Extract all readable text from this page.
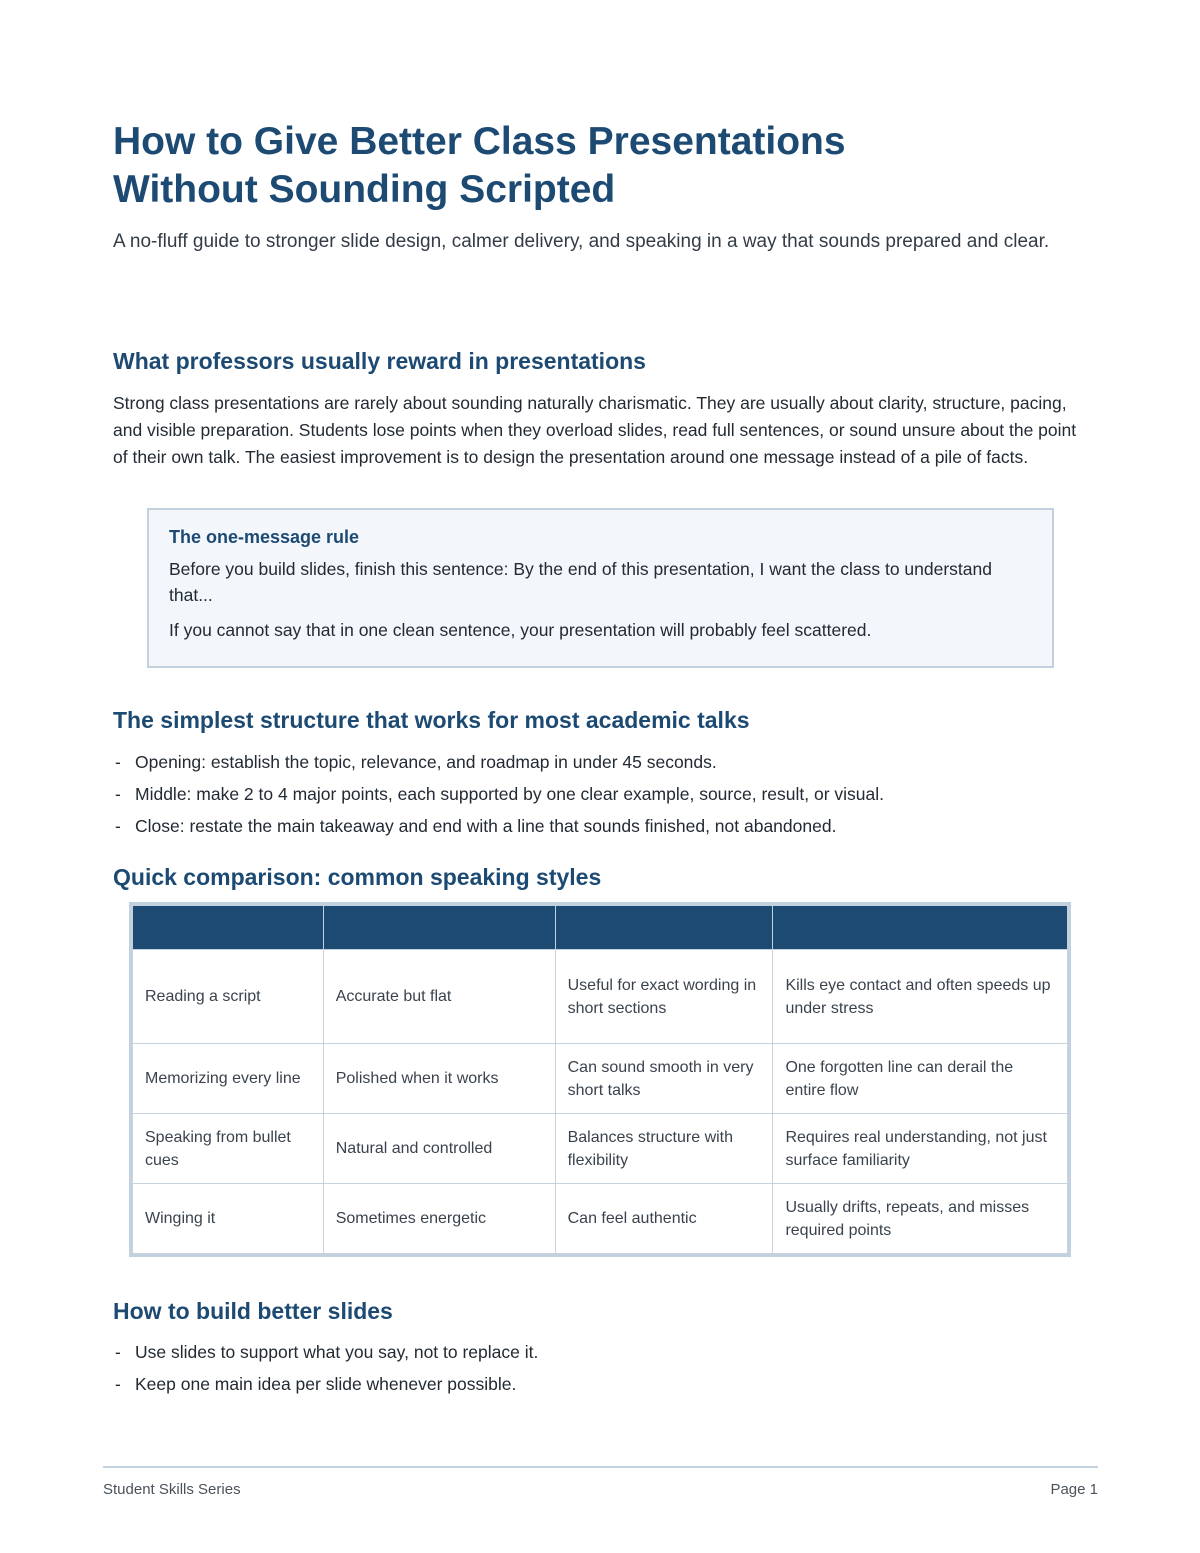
How to Give Better Class Presentations
Without Sounding Scripted
A no-fluff guide to stronger slide design, calmer delivery, and speaking in a way that sounds prepared and clear.
What professors usually reward in presentations
Strong class presentations are rarely about sounding naturally charismatic. They are usually about clarity, structure, pacing, and visible preparation. Students lose points when they overload slides, read full sentences, or sound unsure about the point of their own talk. The easiest improvement is to design the presentation around one message instead of a pile of facts.
The one-message rule

Before you build slides, finish this sentence: By the end of this presentation, I want the class to understand that...

If you cannot say that in one clean sentence, your presentation will probably feel scattered.

The simplest structure that works for most academic talks
- Opening: establish the topic, relevance, and roadmap in under 45 seconds.
- Middle: make 2 to 4 major points, each supported by one clear example, source, result, or visual.
- Close: restate the main takeaway and end with a line that sounds finished, not abandoned.
Quick comparison: common speaking styles
Style	How it sounds	Best feature	Main risk
Reading a script	Accurate but flat	Useful for exact wording in short sections	Kills eye contact and often speeds up under stress
Memorizing every line	Polished when it works	Can sound smooth in very short talks	One forgotten line can derail the entire flow
Speaking from bullet cues	Natural and controlled	Balances structure with flexibility	Requires real understanding, not just surface familiarity
Winging it	Sometimes energetic	Can feel authentic	Usually drifts, repeats, and misses required points
How to build better slides
- Use slides to support what you say, not to replace it.
- Keep one main idea per slide whenever possible.
Student Skills Series	Page 1
